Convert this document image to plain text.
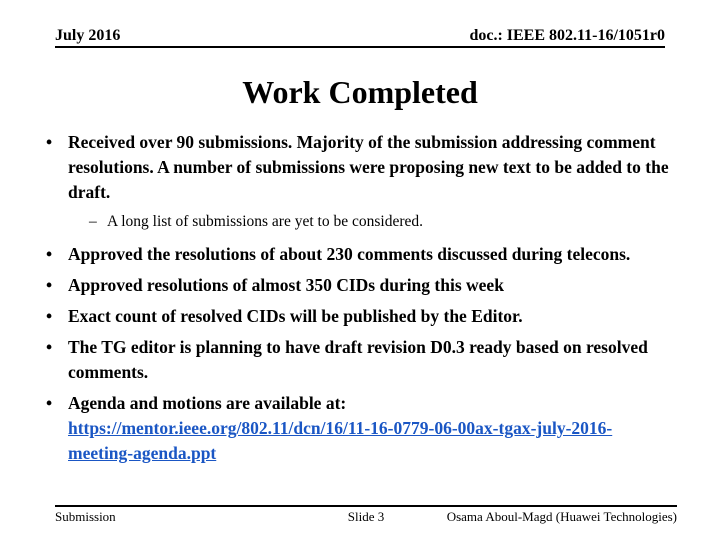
July 2016	doc.: IEEE 802.11-16/1051r0
Work Completed
• Received over 90 submissions. Majority of the submission addressing comment resolutions. A number of submissions were proposing new text to be added to the draft.
– A long list of submissions are yet to be considered.
• Approved the resolutions of about 230 comments discussed during telecons.
• Approved resolutions of almost 350 CIDs during this week
• Exact count of resolved CIDs will be published by the Editor.
• The TG editor is planning to have draft revision D0.3 ready based on resolved comments.
• Agenda and motions are available at:
https://mentor.ieee.org/802.11/dcn/16/11-16-0779-06-00ax-tgax-july-2016-meeting-agenda.ppt
Submission	Slide 3	Osama Aboul-Magd (Huawei Technologies)
